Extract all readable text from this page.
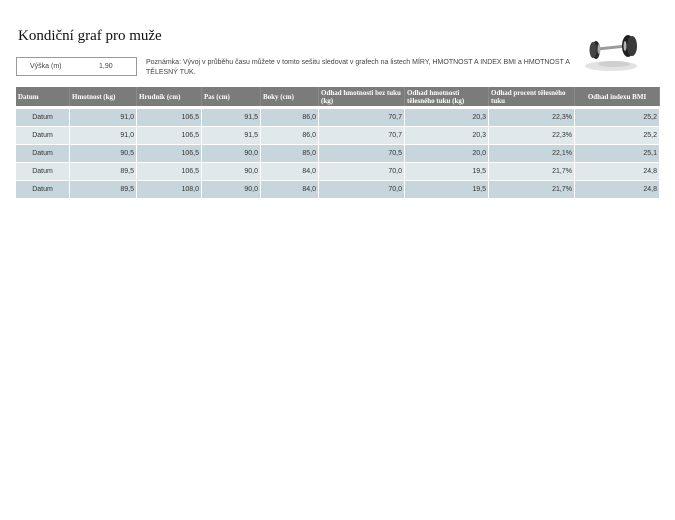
Kondiční graf pro muže
Výška (m)	1,90
Poznámka: Vývoj v průběhu času můžete v tomto sešitu sledovat v grafech na listech MÍRY, HMOTNOST A INDEX BMI a HMOTNOST A TĚLESNÝ TUK.
Datum	Hmotnost (kg)	Hrudník (cm)	Pas (cm)	Boky (cm)	Odhad hmotnosti bez tuku (kg)	Odhad hmotnosti tělesného tuku (kg)	Odhad procent tělesného tuku	Odhad indexu BMI

Datum	91,0	106,5	91,5	86,0	70,7	20,3	22,3%	25,2
Datum	91,0	106,5	91,5	86,0	70,7	20,3	22,3%	25,2
Datum	90,5	106,5	90,0	85,0	70,5	20,0	22,1%	25,1
Datum	89,5	106,5	90,0	84,0	70,0	19,5	21,7%	24,8
Datum	89,5	108,0	90,0	84,0	70,0	19,5	21,7%	24,8
